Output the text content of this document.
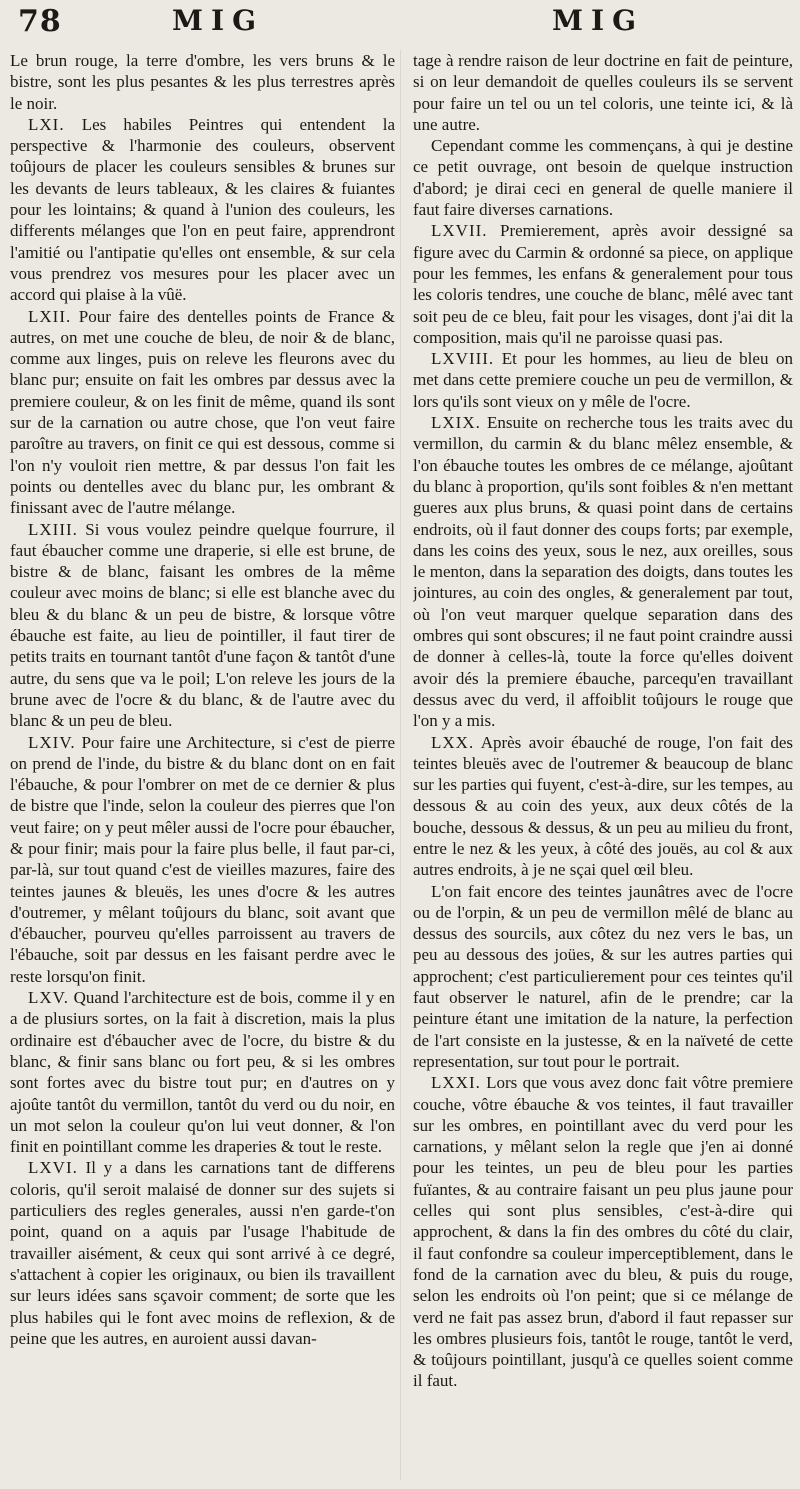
78	MIG	MIG

Le brun rouge, la terre d'ombre, les vers bruns & le bistre, sont les plus pesantes & les plus terrestres après le noir.

LXI. Les habiles Peintres qui entendent la perspective & l'harmonie des couleurs, observent toûjours de placer les couleurs sensibles & brunes sur les devants de leurs tableaux, & les claires & fuiantes pour les lointains; & quand à l'union des couleurs, les differents mélanges que l'on en peut faire, apprendront l'amitié ou l'antipatie qu'elles ont ensemble, & sur cela vous prendrez vos mesures pour les placer avec un accord qui plaise à la vûë.

LXII. Pour faire des dentelles points de France & autres, on met une couche de bleu, de noir & de blanc, comme aux linges, puis on releve les fleurons avec du blanc pur; ensuite on fait les ombres par dessus avec la premiere couleur, & on les finit de même, quand ils sont sur de la carnation ou autre chose, que l'on veut faire paroître au travers, on finit ce qui est dessous, comme si l'on n'y vouloit rien mettre, & par dessus l'on fait les points ou dentelles avec du blanc pur, les ombrant & finissant avec de l'autre mélange.

LXIII. Si vous voulez peindre quelque fourrure, il faut ébaucher comme une draperie, si elle est brune, de bistre & de blanc, faisant les ombres de la même couleur avec moins de blanc; si elle est blanche avec du bleu & du blanc & un peu de bistre, & lorsque vôtre ébauche est faite, au lieu de pointiller, il faut tirer de petits traits en tournant tantôt d'une façon & tantôt d'une autre, du sens que va le poil; L'on releve les jours de la brune avec de l'ocre & du blanc, & de l'autre avec du blanc & un peu de bleu.

LXIV. Pour faire une Architecture, si c'est de pierre on prend de l'inde, du bistre & du blanc dont on en fait l'ébauche, & pour l'ombrer on met de ce dernier & plus de bistre que l'inde, selon la couleur des pierres que l'on veut faire; on y peut mêler aussi de l'ocre pour ébaucher, & pour finir; mais pour la faire plus belle, il faut par-ci, par-là, sur tout quand c'est de vieilles mazures, faire des teintes jaunes & bleuës, les unes d'ocre & les autres d'outremer, y mêlant toûjours du blanc, soit avant que d'ébaucher, pourveu qu'elles parroissent au travers de l'ébauche, soit par dessus en les faisant perdre avec le reste lorsqu'on finit.

LXV. Quand l'architecture est de bois, comme il y en a de plusiurs sortes, on la fait à discretion, mais la plus ordinaire est d'ébaucher avec de l'ocre, du bistre & du blanc, & finir sans blanc ou fort peu, & si les ombres sont fortes avec du bistre tout pur; en d'autres on y ajoûte tantôt du vermillon, tantôt du verd ou du noir, en un mot selon la couleur qu'on lui veut donner, & l'on finit en pointillant comme les draperies & tout le reste.

LXVI. Il y a dans les carnations tant de differens coloris, qu'il seroit malaisé de donner sur des sujets si particuliers des regles generales, aussi n'en garde-t'on point, quand on a aquis par l'usage l'habitude de travailler aisément, & ceux qui sont arrivé à ce degré, s'attachent à copier les originaux, ou bien ils travaillent sur leurs idées sans sçavoir comment; de sorte que les plus habiles qui le font avec moins de reflexion, & de peine que les autres, en auroient aussi davan-

tage à rendre raison de leur doctrine en fait de peinture, si on leur demandoit de quelles couleurs ils se servent pour faire un tel ou un tel coloris, une teinte ici, & là une autre.

Cependant comme les commençans, à qui je destine ce petit ouvrage, ont besoin de quelque instruction d'abord; je dirai ceci en general de quelle maniere il faut faire diverses carnations.

LXVII. Premierement, après avoir dessigné sa figure avec du Carmin & ordonné sa piece, on applique pour les femmes, les enfans & generalement pour tous les coloris tendres, une couche de blanc, mêlé avec tant soit peu de ce bleu, fait pour les visages, dont j'ai dit la composition, mais qu'il ne paroisse quasi pas.

LXVIII. Et pour les hommes, au lieu de bleu on met dans cette premiere couche un peu de vermillon, & lors qu'ils sont vieux on y mêle de l'ocre.

LXIX. Ensuite on recherche tous les traits avec du vermillon, du carmin & du blanc mêlez ensemble, & l'on ébauche toutes les ombres de ce mélange, ajoûtant du blanc à proportion, qu'ils sont foibles & n'en mettant gueres aux plus bruns, & quasi point dans de certains endroits, où il faut donner des coups forts; par exemple, dans les coins des yeux, sous le nez, aux oreilles, sous le menton, dans la separation des doigts, dans toutes les jointures, au coin des ongles, & generalement par tout, où l'on veut marquer quelque separation dans des ombres qui sont obscures; il ne faut point craindre aussi de donner à celles-là, toute la force qu'elles doivent avoir dés la premiere ébauche, parcequ'en travaillant dessus avec du verd, il affoiblit toûjours le rouge que l'on y a mis.

LXX. Après avoir ébauché de rouge, l'on fait des teintes bleuës avec de l'outremer & beaucoup de blanc sur les parties qui fuyent, c'est-à-dire, sur les tempes, au dessous & au coin des yeux, aux deux côtés de la bouche, dessous & dessus, & un peu au milieu du front, entre le nez & les yeux, à côté des jouës, au col & aux autres endroits, à je ne sçai quel œil bleu.

L'on fait encore des teintes jaunâtres avec de l'ocre ou de l'orpin, & un peu de vermillon mêlé de blanc au dessus des sourcils, aux côtez du nez vers le bas, un peu au dessous des joües, & sur les autres parties qui approchent; c'est particulierement pour ces teintes qu'il faut observer le naturel, afin de le prendre; car la peinture étant une imitation de la nature, la perfection de l'art consiste en la justesse, & en la naïveté de cette representation, sur tout pour le portrait.

LXXI. Lors que vous avez donc fait vôtre premiere couche, vôtre ébauche & vos teintes, il faut travailler sur les ombres, en pointillant avec du verd pour les carnations, y mêlant selon la regle que j'en ai donné pour les teintes, un peu de bleu pour les parties fuïantes, & au contraire faisant un peu plus jaune pour celles qui sont plus sensibles, c'est-à-dire qui approchent, & dans la fin des ombres du côté du clair, il faut confondre sa couleur imperceptiblement, dans le fond de la carnation avec du bleu, & puis du rouge, selon les endroits où l'on peint; que si ce mélange de verd ne fait pas assez brun, d'abord il faut repasser sur les ombres plusieurs fois, tantôt le rouge, tantôt le verd, & toûjours pointillant, jusqu'à ce quelles soient comme il faut.
